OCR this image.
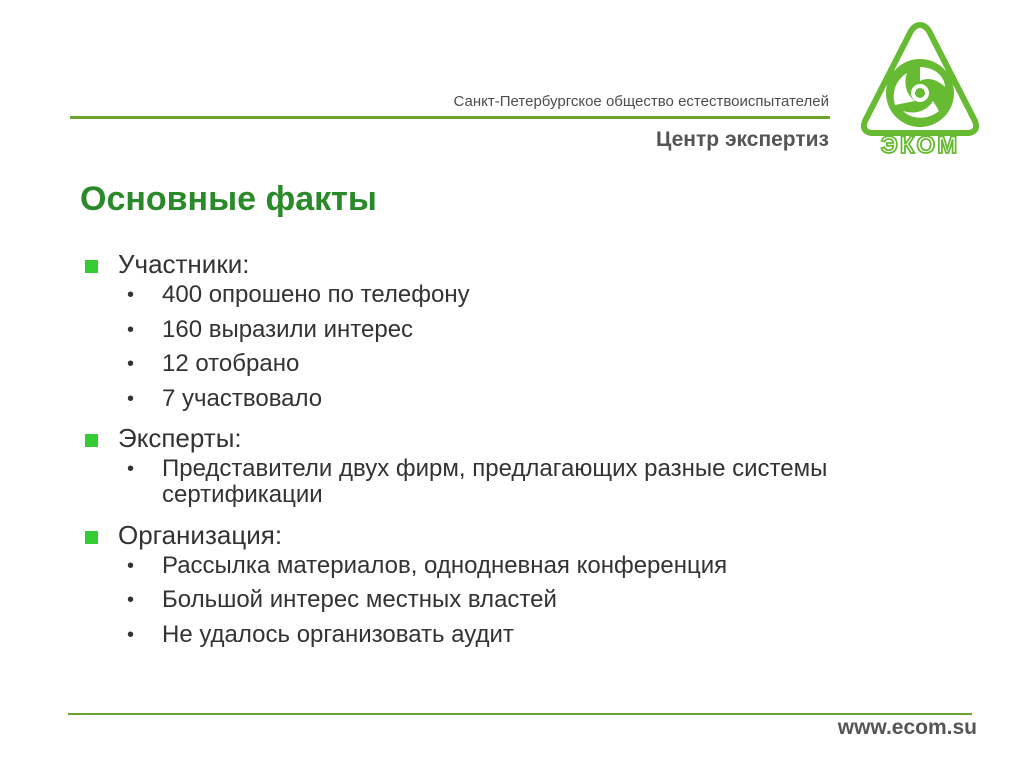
Санкт-Петербургское общество естествоиспытателей
Центр экспертиз ЭКОМ
Основные факты
Участники:
• 400 опрошено по телефону
• 160 выразили интерес
• 12 отобрано
• 7 участвовало
Эксперты:
• Представители двух фирм, предлагающих разные системы сертификации
Организация:
• Рассылка материалов, однодневная конференция
• Большой интерес местных властей
• Не удалось организовать аудит
www.ecom.su
